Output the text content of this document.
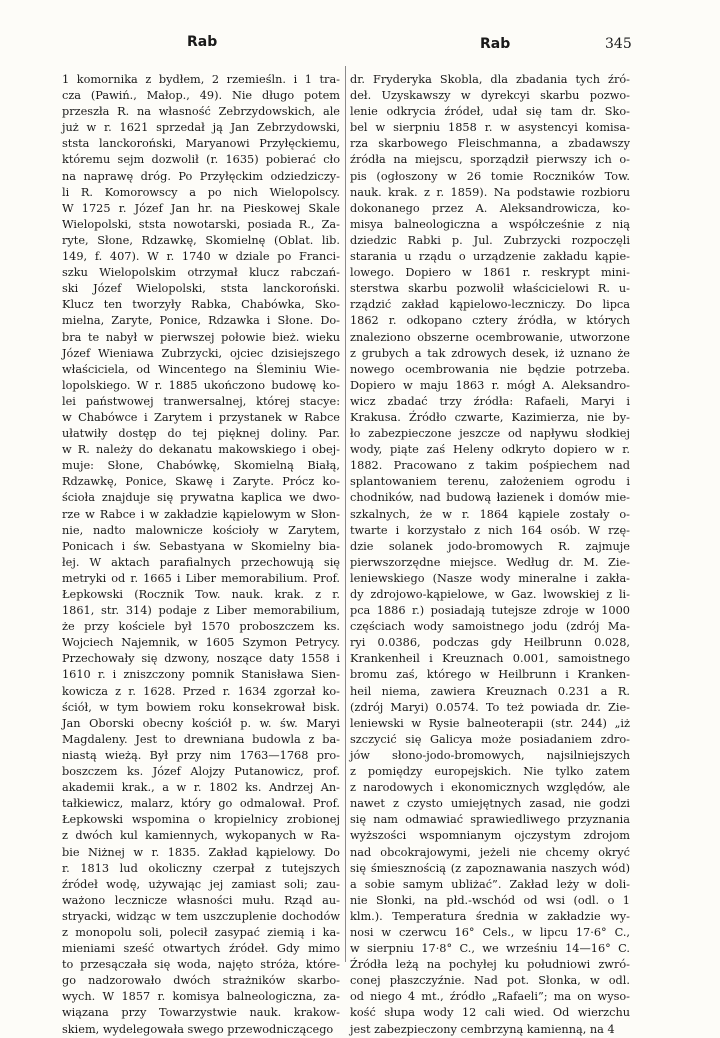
Rab	Rab	345
1 komornika z bydłem, 2 rzemieśln. i 1 tra-
cza (Pawiń., Małop., 49). Nie długo potem
przeszła R. na własność Zebrzydowskich, ale
już w r. 1621 sprzedał ją Jan Zebrzydowski,
ststa lanckoroński, Maryanowi Przyłęckiemu,
któremu sejm dozwolił (r. 1635) pobierać cło
na naprawę dróg. Po Przyłęckim odziedziczy-
li R. Komorowscy a po nich Wielopolscy.
W 1725 r. Józef Jan hr. na Pieskowej Skale
Wielopolski, ststa nowotarski, posiada R., Za-
ryte, Słone, Rdzawkę, Skomielnę (Oblat. lib.
149, f. 407). W r. 1740 w dziale po Franci-
szku Wielopolskim otrzymał klucz rabczań-
ski Józef Wielopolski, ststa lanckoroński.
Klucz ten tworzyły Rabka, Chabówka, Sko-
mielna, Zaryte, Ponice, Rdzawka i Słone. Do-
bra te nabył w pierwszej połowie bież. wieku
Józef Wieniawa Zubrzycki, ojciec dzisiejszego
właściciela, od Wincentego na Śleminiu Wie-
lopolskiego. W r. 1885 ukończono budowę ko-
lei państwowej tranwersalnej, której stacye:
w Chabówce i Zarytem i przystanek w Rabce
ułatwiły dostęp do tej pięknej doliny. Par.
w R. należy do dekanatu makowskiego i obej-
muje: Słone, Chabówkę, Skomielną Białą,
Rdzawkę, Ponice, Skawę i Zaryte. Prócz ko-
ścioła znajduje się prywatna kaplica we dwo-
rze w Rabce i w zakładzie kąpielowym w Słon-
nie, nadto malownicze kościoły w Zarytem,
Ponicach i św. Sebastyana w Skomielny bia-
łej. W aktach parafialnych przechowują się
metryki od r. 1665 i Liber memorabilium. Prof.
Łepkowski (Rocznik Tow. nauk. krak. z r.
1861, str. 314) podaje z Liber memorabilium,
że przy kościele był 1570 proboszczem ks.
Wojciech Najemnik, w 1605 Szymon Petrycy.
Przechowały się dzwony, noszące daty 1558 i
1610 r. i zniszczony pomnik Stanisława Sien-
kowicza z r. 1628. Przed r. 1634 zgorzał ko-
ściół, w tym bowiem roku konsekrował bisk.
Jan Oborski obecny kościół p. w. św. Maryi
Magdaleny. Jest to drewniana budowla z ba-
niastą wieżą. Był przy nim 1763—1768 pro-
boszczem ks. Józef Alojzy Putanowicz, prof.
akademii krak., a w r. 1802 ks. Andrzej An-
tałkiewicz, malarz, który go odmalował. Prof.
Łepkowski wspomina o kropielnicy zrobionej
z dwóch kul kamiennych, wykopanych w Ra-
bie Niżnej w r. 1835. Zakład kąpielowy. Do
r. 1813 lud okoliczny czerpał z tutejszych
źródeł wodę, używając jej zamiast soli; zau-
ważono lecznicze własności mułu. Rząd au-
stryacki, widząc w tem uszczuplenie dochodów
z monopolu soli, polecił zasypać ziemią i ka-
mieniami sześć otwartych źródeł. Gdy mimo
to przesączała się woda, najęto stróża, które-
go nadzorowało dwóch strażników skarbo-
wych. W 1857 r. komisya balneologiczna, za-
wiązana przy Towarzystwie nauk. krakow-
skiem, wydelegowała swego przewodniczącego
dr. Fryderyka Skobla, dla zbadania tych źró-
deł. Uzyskawszy w dyrekcyi skarbu pozwo-
lenie odkrycia źródeł, udał się tam dr. Sko-
bel w sierpniu 1858 r. w asystencyi komisa-
rza skarbowego Fleischmanna, a zbadawszy
źródła na miejscu, sporządził pierwszy ich o-
pis (ogłoszony w 26 tomie Roczników Tow.
nauk. krak. z r. 1859). Na podstawie rozbioru
dokonanego przez A. Aleksandrowicza, ko-
misya balneologiczna a współcześnie z nią
dziedzic Rabki p. Jul. Zubrzycki rozpoczęli
starania u rządu o urządzenie zakładu kąpie-
lowego. Dopiero w 1861 r. reskrypt mini-
sterstwa skarbu pozwolił właścicielowi R. u-
rządzić zakład kąpielowo-leczniczy. Do lipca
1862 r. odkopano cztery źródła, w których
znaleziono obszerne ocembrowanie, utworzone
z grubych a tak zdrowych desek, iż uznano że
nowego ocembrowania nie będzie potrzeba.
Dopiero w maju 1863 r. mógł A. Aleksandro-
wicz zbadać trzy źródła: Rafaeli, Maryi i
Krakusa. Źródło czwarte, Kazimierza, nie by-
ło zabezpieczone jeszcze od napływu słodkiej
wody, piąte zaś Heleny odkryto dopiero w r.
1882. Pracowano z takim pośpiechem nad
splantowaniem terenu, założeniem ogrodu i
chodników, nad budową łazienek i domów mie-
szkalnych, że w r. 1864 kąpiele zostały o-
twarte i korzystało z nich 164 osób. W rzę-
dzie solanek jodo-bromowych R. zajmuje
pierwszorzędne miejsce. Według dr. M. Zie-
leniewskiego (Nasze wody mineralne i zakła-
dy zdrojowo-kąpielowe, w Gaz. lwowskiej z li-
pca 1886 r.) posiadają tutejsze zdroje w 1000
częściach wody samoistnego jodu (zdrój Ma-
ryi 0.0386, podczas gdy Heilbrunn 0.028,
Krankenheil i Kreuznach 0.001, samoistnego
bromu zaś, którego w Heilbrunn i Kranken-
heil niema, zawiera Kreuznach 0.231 a R.
(zdrój Maryi) 0.0574. To też powiada dr. Zie-
leniewski w Rysie balneoterapii (str. 244) „iż
szczycić się Galicya może posiadaniem zdro-
jów słono-jodo-bromowych, najsilniejszych
z pomiędzy europejskich. Nie tylko zatem
z narodowych i ekonomicznych względów, ale
nawet z czysto umiejętnych zasad, nie godzi
się nam odmawiać sprawiedliwego przyznania
wyższości wspomnianym ojczystym zdrojom
nad obcokrajowymi, jeżeli nie chcemy okryć
się śmiesznością (z zapoznawania naszych wód)
a sobie samym ubliżać”. Zakład leży w doli-
nie Słonki, na płd.-wschód od wsi (odl. o 1
klm.). Temperatura średnia w zakładzie wy-
nosi w czerwcu 16° Cels., w lipcu 17·6° C.,
w sierpniu 17·8° C., we wrześniu 14—16° C.
Źródła leżą na pochyłej ku południowi zwró-
conej płaszczyźnie. Nad pot. Słonka, w odl.
od niego 4 mt., źródło „Rafaeli”; ma on wyso-
kość słupa wody 12 cali wied. Od wierzchu
jest zabezpieczony cembrzyną kamienną, na 4
